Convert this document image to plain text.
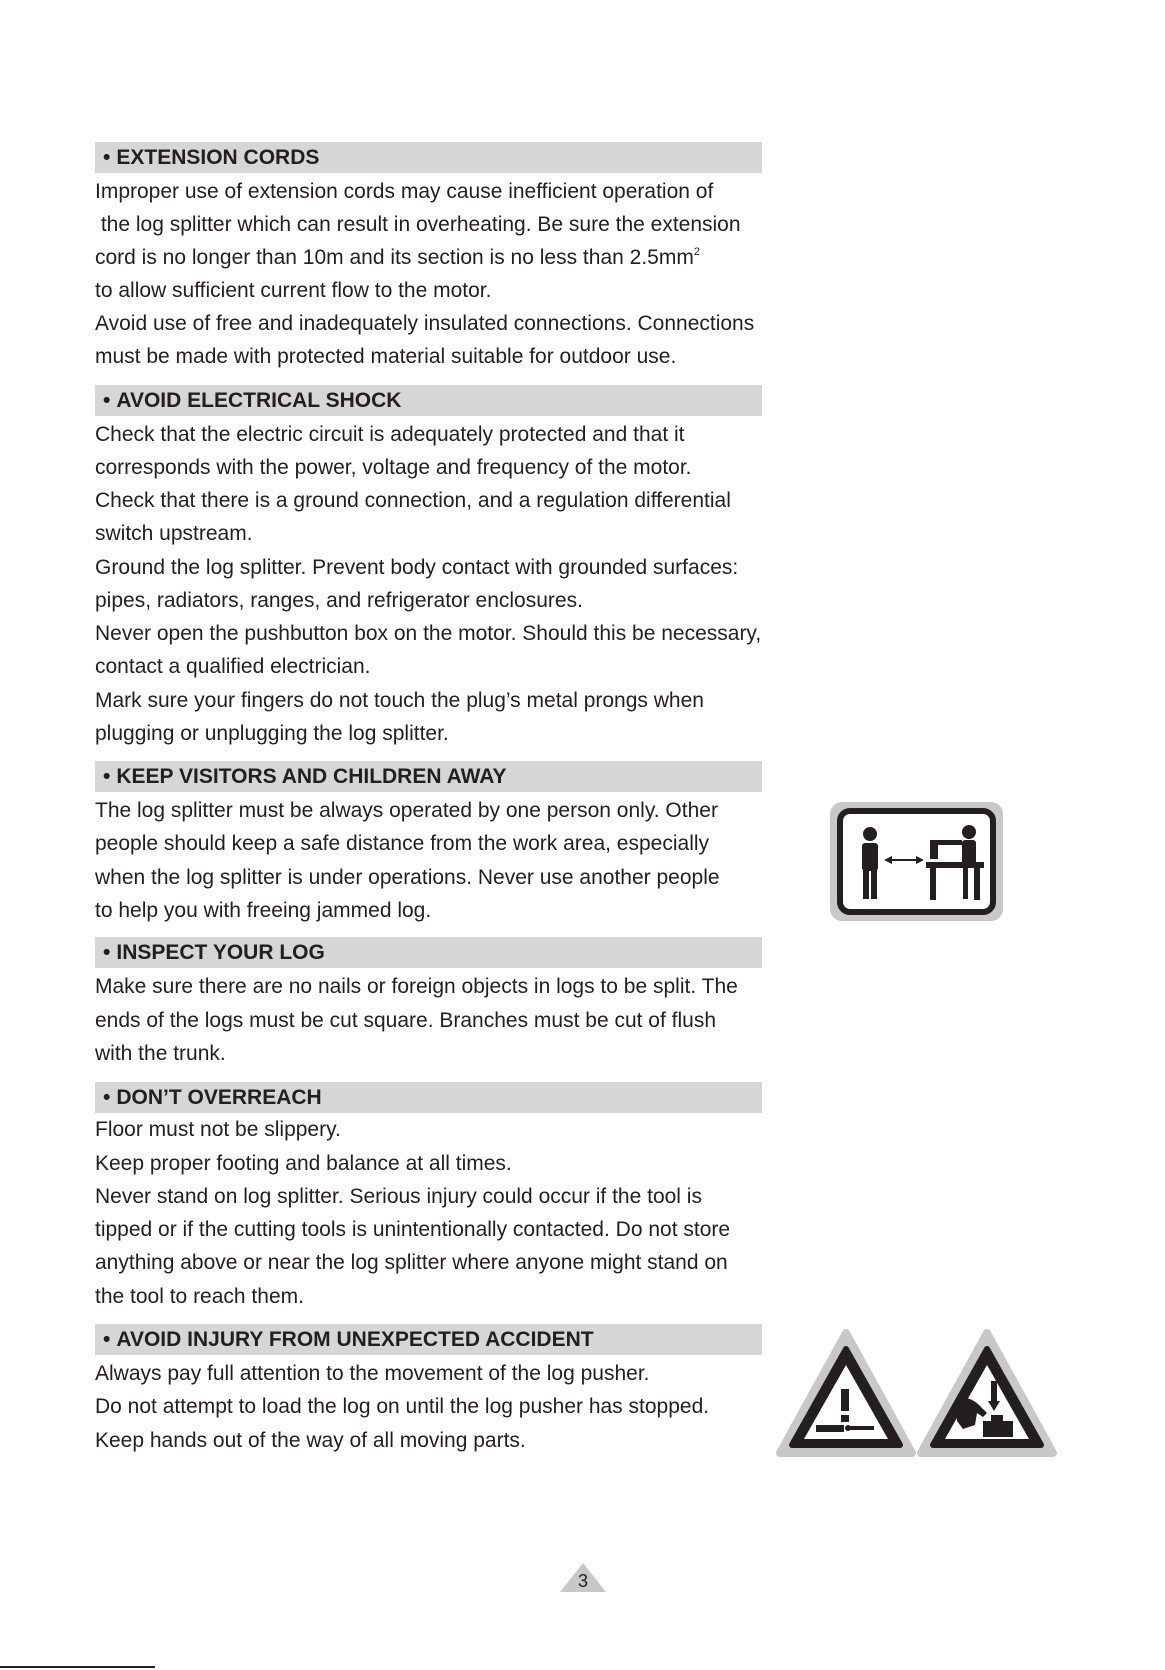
• EXTENSION CORDS
Improper use of extension cords may cause inefficient operation of
the log splitter which can result in overheating. Be sure the extension
cord is no longer than 10m and its section is no less than $2.5mm^2$
to allow sufficient current flow to the motor.
Avoid use of free and inadequately insulated connections. Connections
must be made with protected material suitable for outdoor use.
• AVOID ELECTRICAL SHOCK
Check that the electric circuit is adequately protected and that it
corresponds with the power, voltage and frequency of the motor.
Check that there is a ground connection, and a regulation differential
switch upstream.
Ground the log splitter. Prevent body contact with grounded surfaces:
pipes, radiators, ranges, and refrigerator enclosures.
Never open the pushbutton box on the motor. Should this be necessary,
contact a qualified electrician.
Mark sure your fingers do not touch the plug’s metal prongs when
plugging or unplugging the log splitter.
• KEEP VISITORS AND CHILDREN AWAY
The log splitter must be always operated by one person only. Other
people should keep a safe distance from the work area, especially
when the log splitter is under operations. Never use another people
to help you with freeing jammed log.
• INSPECT YOUR LOG
Make sure there are no nails or foreign objects in logs to be split. The
ends of the logs must be cut square. Branches must be cut of flush
with the trunk.
• DON’T OVERREACH
Floor must not be slippery.
Keep proper footing and balance at all times.
Never stand on log splitter. Serious injury could occur if the tool is
tipped or if the cutting tools is unintentionally contacted. Do not store
anything above or near the log splitter where anyone might stand on
the tool to reach them.
• AVOID INJURY FROM UNEXPECTED ACCIDENT
Always pay full attention to the movement of the log pusher.
Do not attempt to load the log on until the log pusher has stopped.
Keep hands out of the way of all moving parts.
3
